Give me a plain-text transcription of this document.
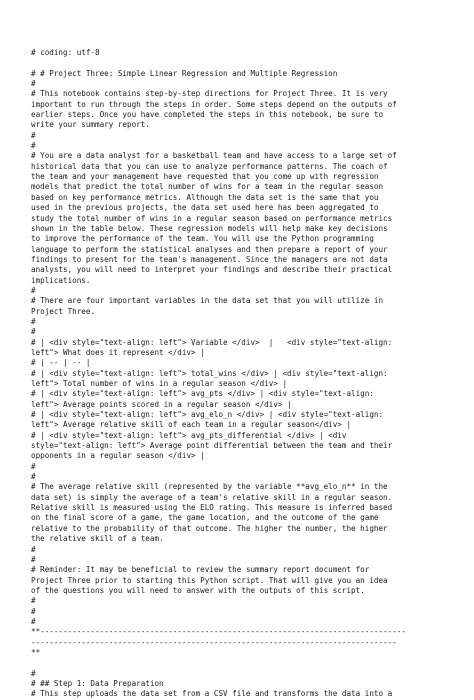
# coding: utf-8
# # Project Three: Simple Linear Regression and Multiple Regression
#
# This notebook contains step-by-step directions for Project Three. It is very
important to run through the steps in order. Some steps depend on the outputs of
earlier steps. Once you have completed the steps in this notebook, be sure to
write your summary report.
#
#
# You are a data analyst for a basketball team and have access to a large set of
historical data that you can use to analyze performance patterns. The coach of
the team and your management have requested that you come up with regression
models that predict the total number of wins for a team in the regular season
based on key performance metrics. Although the data set is the same that you
used in the previous projects, the data set used here has been aggregated to
study the total number of wins in a regular season based on performance metrics
shown in the table below. These regression models will help make key decisions
to improve the performance of the team. You will use the Python programming
language to perform the statistical analyses and then prepare a report of your
findings to present for the team's management. Since the managers are not data
analysts, you will need to interpret your findings and describe their practical
implications.
#
# There are four important variables in the data set that you will utilize in
Project Three.
#
#
# | <div style="text-align: left"> Variable </div>  |   <div style="text-align:
left"> What does it represent </div> |
# | -- | -- |
# | <div style="text-align: left"> total_wins </div> | <div style="text-align:
left"> Total number of wins in a regular season </div> |
# | <div style="text-align: left"> avg_pts </div> | <div style="text-align:
left"> Average points scored in a regular season </div> |
# | <div style="text-align: left"> avg_elo_n </div> | <div style="text-align:
left"> Average relative skill of each team in a regular season</div> |
# | <div style="text-align: left"> avg_pts_differential </div> | <div
style="text-align: left"> Average point differential between the team and their
opponents in a regular season </div> |
#
#
# The average relative skill (represented by the variable **avg_elo_n** in the
data set) is simply the average of a team's relative skill in a regular season.
Relative skill is measured using the ELO rating. This measure is inferred based
on the final score of a game, the game location, and the outcome of the game
relative to the probability of that outcome. The higher the number, the higher
the relative skill of a team.
#
#
# Reminder: It may be beneficial to review the summary report document for
Project Three prior to starting this Python script. That will give you an idea
of the questions you will need to answer with the outputs of this script.
#
#
#
**--------------------------------------------------------------------------------
--------------------------------------------------------------------------------
**
#
# ## Step 1: Data Preparation
# This step uploads the data set from a CSV file and transforms the data into a
